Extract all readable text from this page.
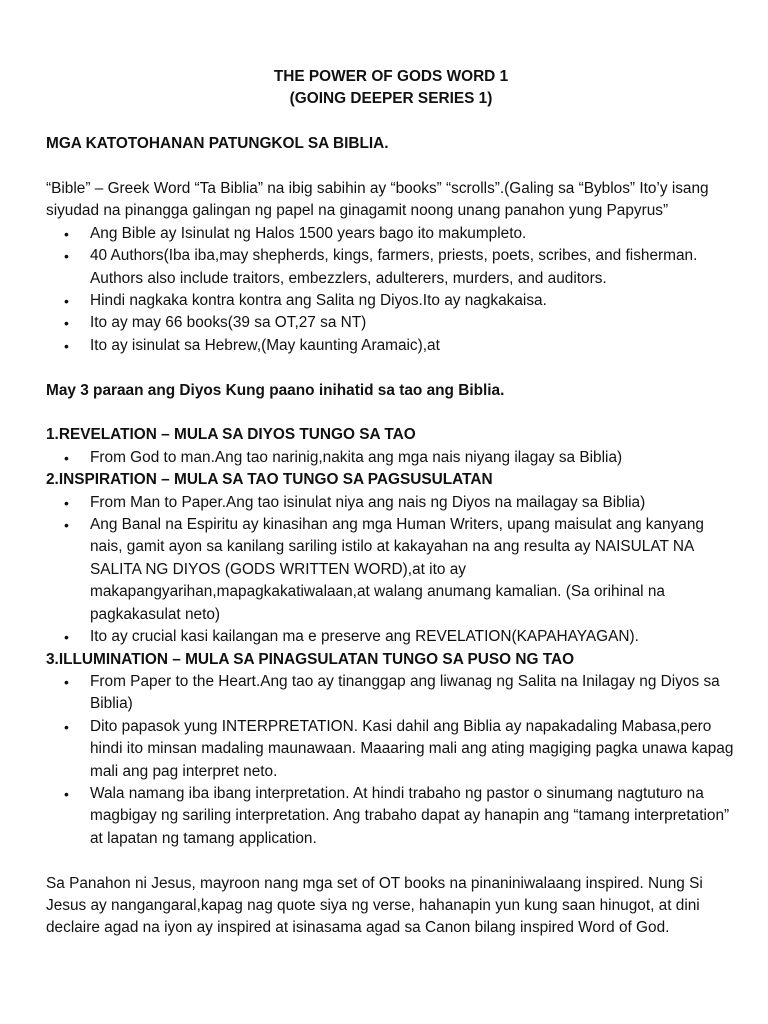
THE POWER OF GODS WORD 1

(GOING DEEPER SERIES 1)

MGA KATOTOHANAN PATUNGKOL SA BIBLIA.

“Bible” – Greek Word “Ta Biblia” na ibig sabihin ay “books” “scrolls”.(Galing sa “Byblos” Ito’y isang siyudad na pinangga galingan ng papel na ginagamit noong unang panahon yung Papyrus”

• Ang Bible ay Isinulat ng Halos 1500 years bago ito makumpleto.
• 40 Authors(Iba iba,may shepherds, kings, farmers, priests, poets, scribes, and fisherman. Authors also include traitors, embezzlers, adulterers, murders, and auditors.
• Hindi nagkaka kontra kontra ang Salita ng Diyos.Ito ay nagkakaisa.
• Ito ay may 66 books(39 sa OT,27 sa NT)
• Ito ay isinulat sa Hebrew,(May kaunting Aramaic),at

May 3 paraan ang Diyos Kung paano inihatid sa tao ang Biblia.

1.REVELATION – MULA SA DIYOS TUNGO SA TAO

• From God to man.Ang tao narinig,nakita ang mga nais niyang ilagay sa Biblia)

2.INSPIRATION – MULA SA TAO TUNGO SA PAGSUSULATAN

• From Man to Paper.Ang tao isinulat niya ang nais ng Diyos na mailagay sa Biblia)
• Ang Banal na Espiritu ay kinasihan ang mga Human Writers, upang maisulat ang kanyang nais, gamit ayon sa kanilang sariling istilo at kakayahan na ang resulta ay NAISULAT NA SALITA NG DIYOS (GODS WRITTEN WORD),at ito ay makapangyarihan,mapagkakatiwalaan,at walang anumang kamalian. (Sa orihinal na pagkakasulat neto)
• Ito ay crucial kasi kailangan ma e preserve ang REVELATION(KAPAHAYAGAN).

3.ILLUMINATION – MULA SA PINAGSULATAN TUNGO SA PUSO NG TAO

• From Paper to the Heart.Ang tao ay tinanggap ang liwanag ng Salita na Inilagay ng Diyos sa Biblia)
• Dito papasok yung INTERPRETATION. Kasi dahil ang Biblia ay napakadaling Mabasa,pero hindi ito minsan madaling maunawaan. Maaaring mali ang ating magiging pagka unawa kapag mali ang pag interpret neto.
• Wala namang iba ibang interpretation. At hindi trabaho ng pastor o sinumang nagtuturo na magbigay ng sariling interpretation. Ang trabaho dapat ay hanapin ang “tamang interpretation” at lapatan ng tamang application.

Sa Panahon ni Jesus, mayroon nang mga set of OT books na pinaniniwalaang inspired. Nung Si Jesus ay nangangaral,kapag nag quote siya ng verse, hahanapin yun kung saan hinugot, at dini declaire agad na iyon ay inspired at isinasama agad sa Canon bilang inspired Word of God.
